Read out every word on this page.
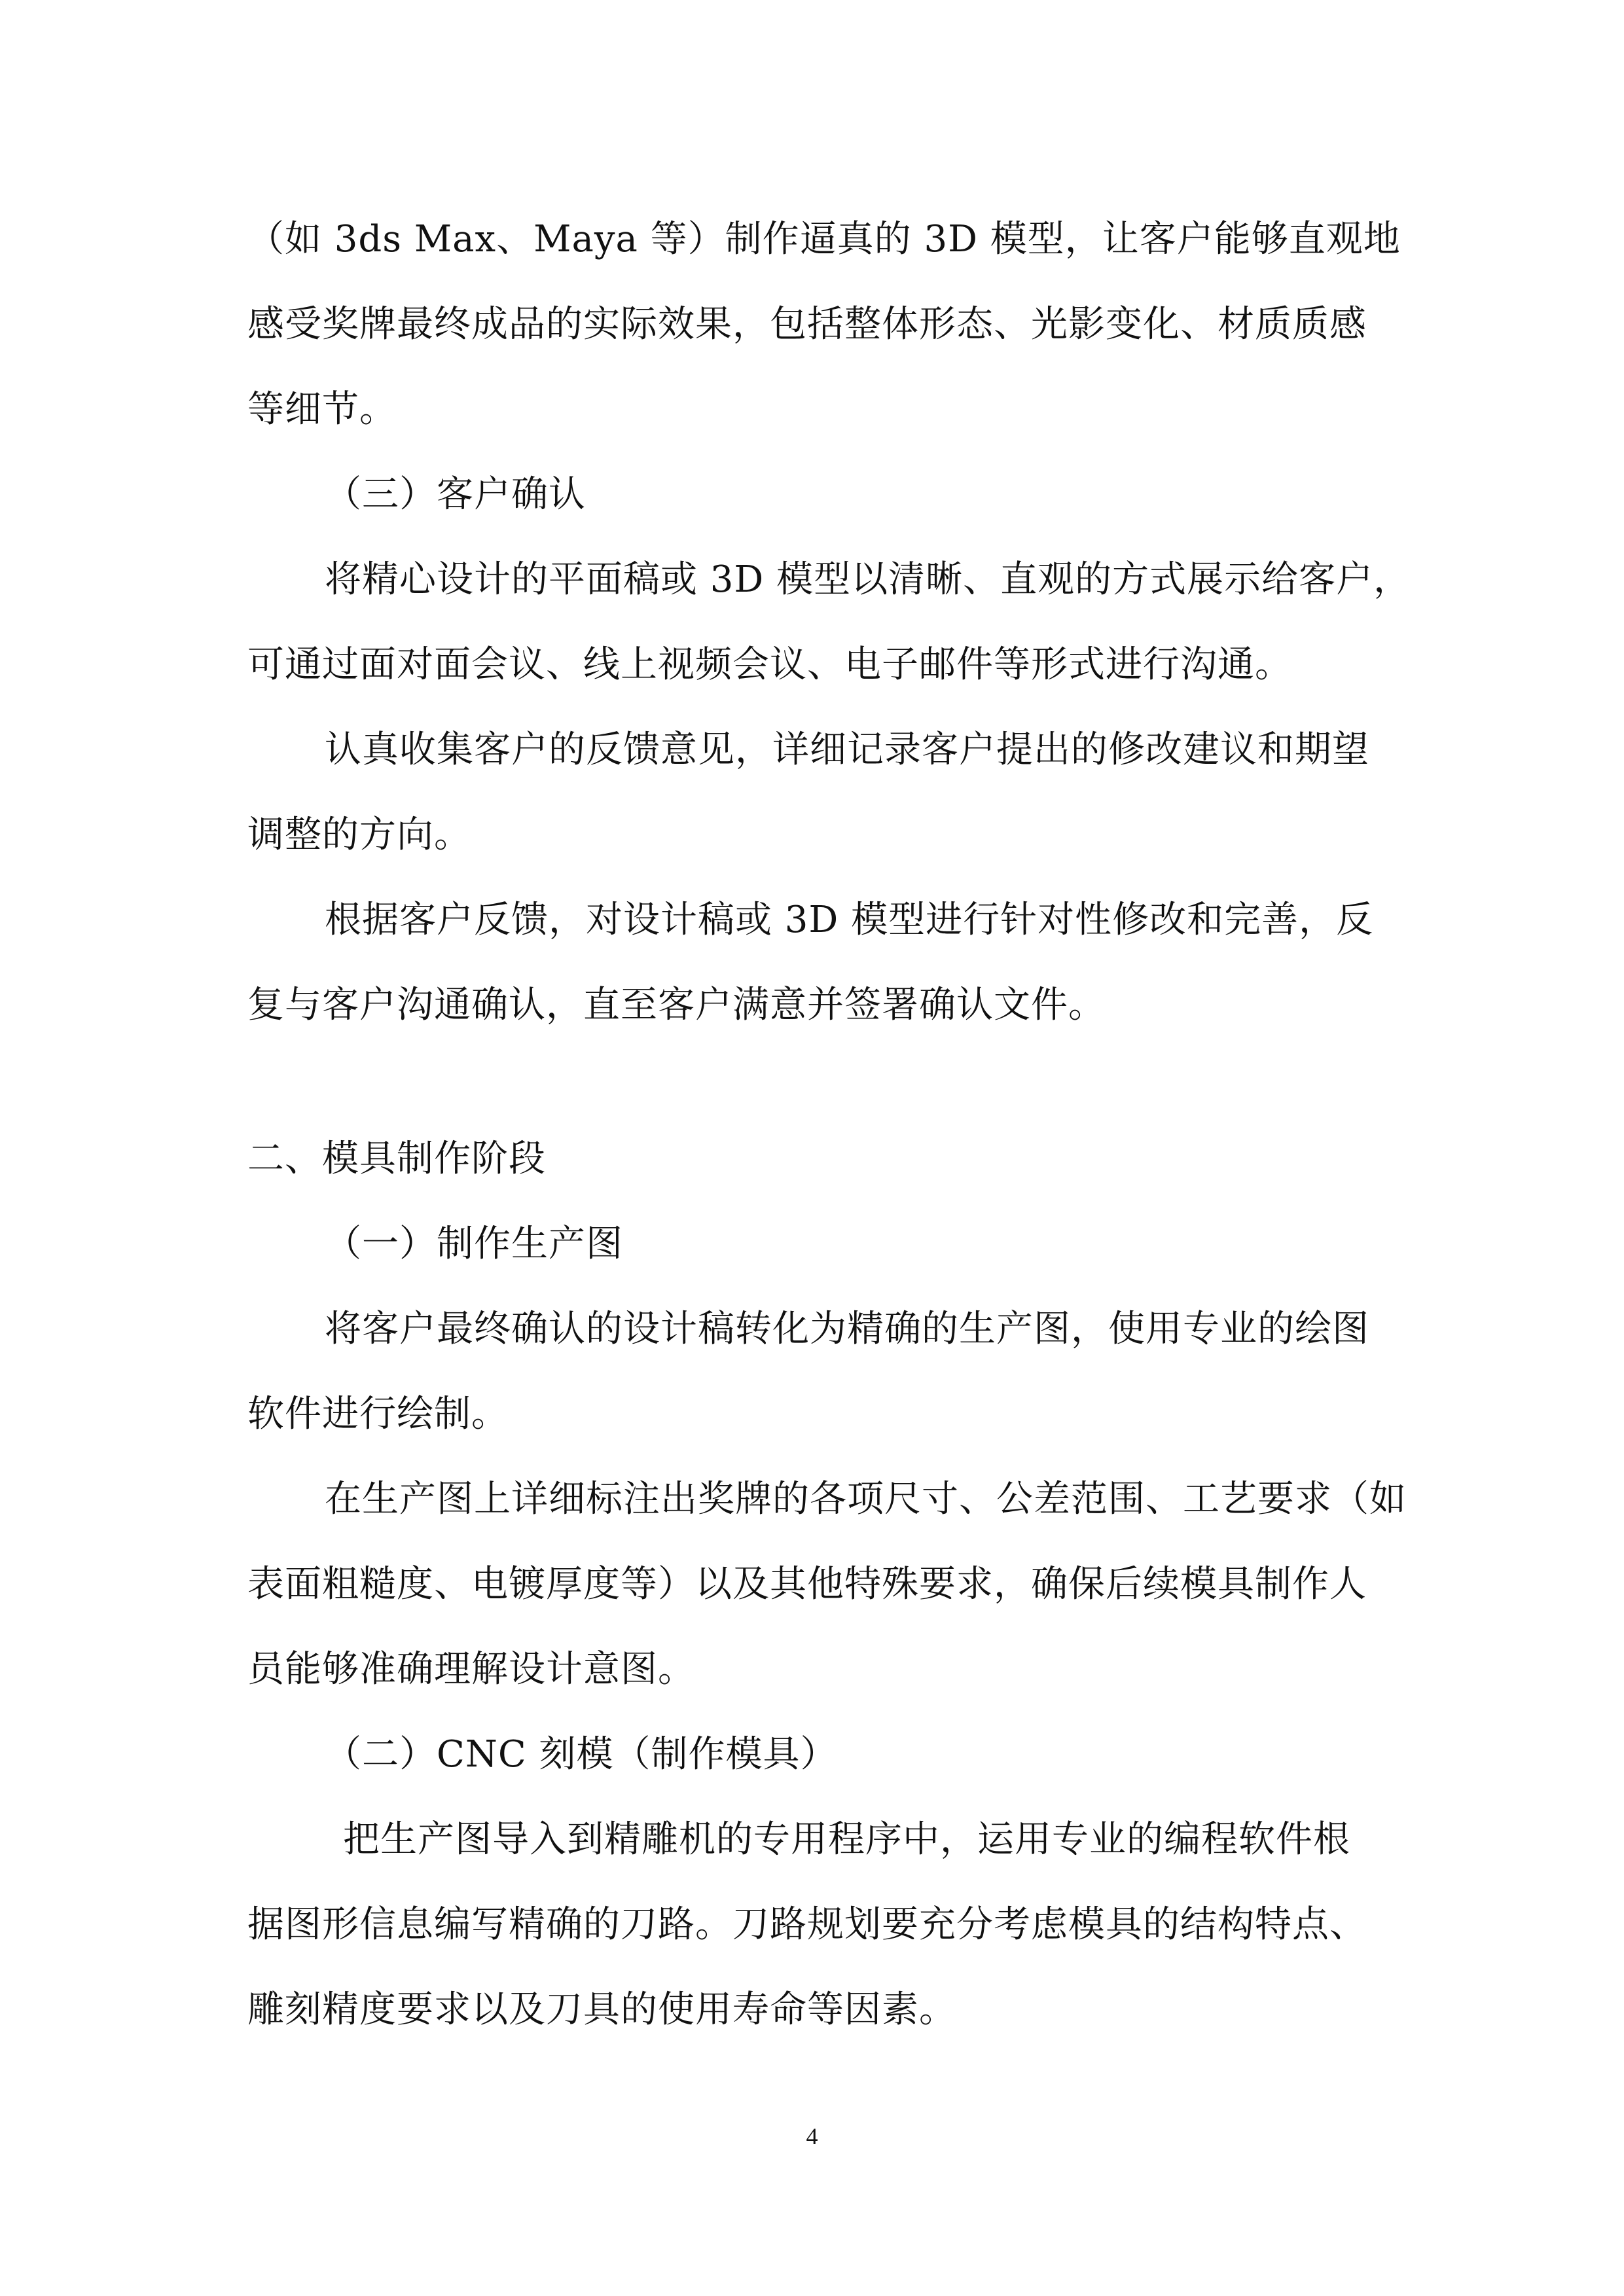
（如 3ds Max、Maya 等）制作逼真的 3D 模型，让客户能够直观地
感受奖牌最终成品的实际效果，包括整体形态、光影变化、材质质感
等细节。
（三）客户确认
将精心设计的平面稿或 3D 模型以清晰、直观的方式展示给客户，
可通过面对面会议、线上视频会议、电子邮件等形式进行沟通。
认真收集客户的反馈意见，详细记录客户提出的修改建议和期望
调整的方向。
根据客户反馈，对设计稿或 3D 模型进行针对性修改和完善，反
复与客户沟通确认，直至客户满意并签署确认文件。
二、模具制作阶段
（一）制作生产图
将客户最终确认的设计稿转化为精确的生产图，使用专业的绘图
软件进行绘制。
在生产图上详细标注出奖牌的各项尺寸、公差范围、工艺要求（如
表面粗糙度、电镀厚度等）以及其他特殊要求，确保后续模具制作人
员能够准确理解设计意图。
（二）CNC 刻模（制作模具）
把生产图导入到精雕机的专用程序中，运用专业的编程软件根
据图形信息编写精确的刀路。刀路规划要充分考虑模具的结构特点、
雕刻精度要求以及刀具的使用寿命等因素。
4
